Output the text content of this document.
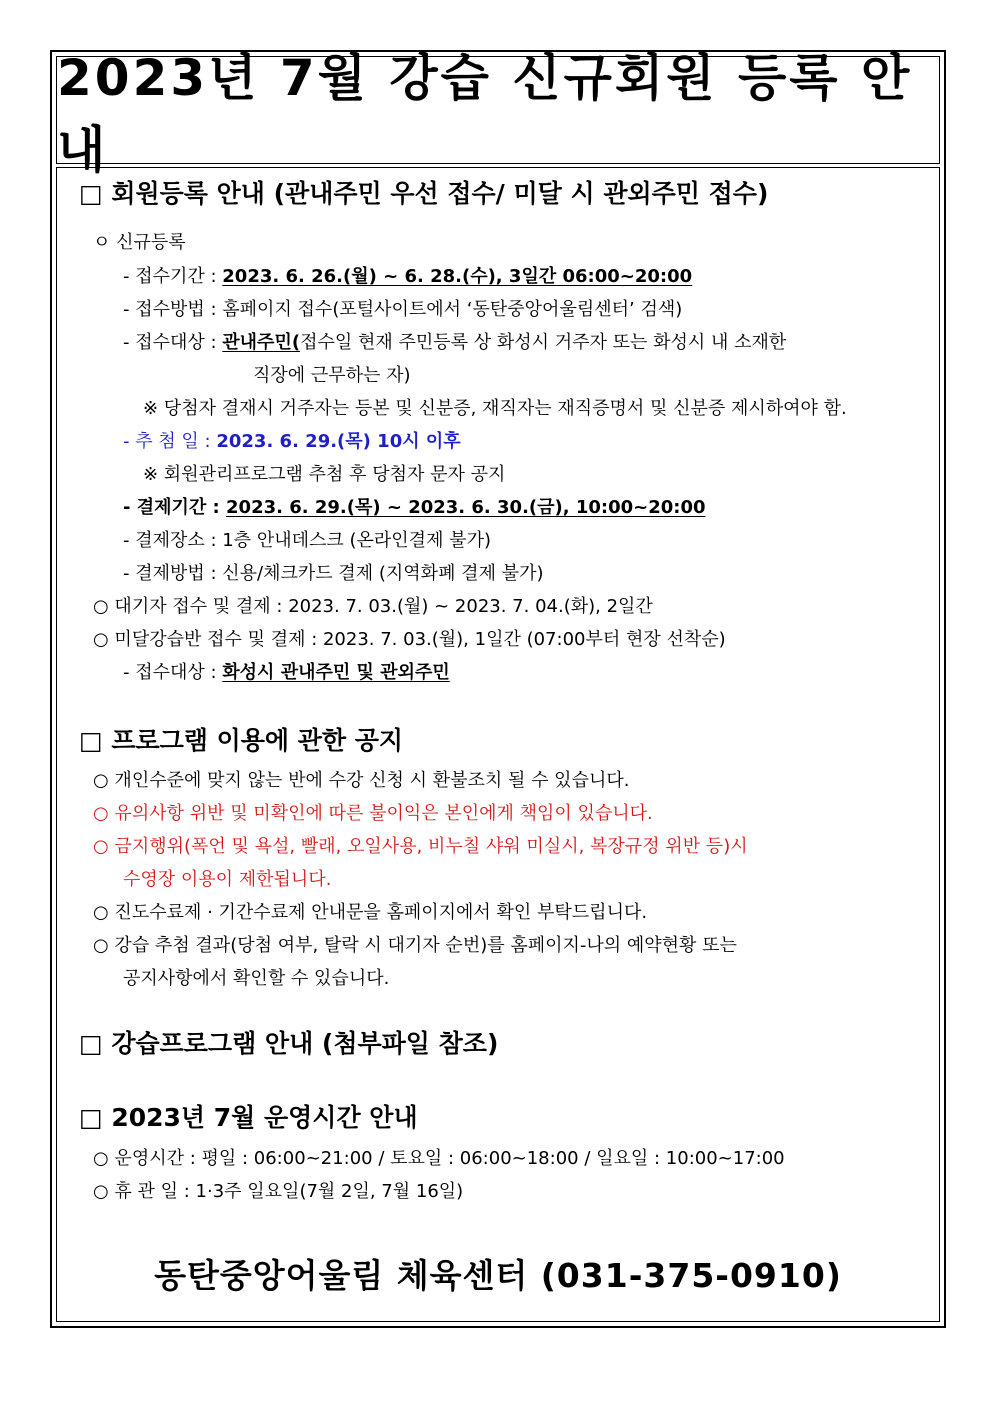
2023년 7월 강습 신규회원 등록 안내
□ 회원등록 안내 (관내주민 우선 접수/ 미달 시 관외주민 접수)
ㅇ 신규등록
- 접수기간 : 2023. 6. 26.(월) ~ 6. 28.(수), 3일간 06:00~20:00
- 접수방법 : 홈페이지 접수(포털사이트에서 ‘동탄중앙어울림센터’ 검색)
- 접수대상 : 관내주민(접수일 현재 주민등록 상 화성시 거주자 또는 화성시 내 소재한
직장에 근무하는 자)
※ 당첨자 결재시 거주자는 등본 및 신분증, 재직자는 재직증명서 및 신분증 제시하여야 함.
- 추 첨 일 : 2023. 6. 29.(목) 10시 이후
※ 회원관리프로그램 추첨 후 당첨자 문자 공지
- 결제기간 : 2023. 6. 29.(목) ~ 2023. 6. 30.(금), 10:00~20:00
- 결제장소 : 1층 안내데스크 (온라인결제 불가)
- 결제방법 : 신용/체크카드 결제 (지역화폐 결제 불가)
○ 대기자 접수 및 결제 : 2023. 7. 03.(월) ~ 2023. 7. 04.(화), 2일간
○ 미달강습반 접수 및 결제 : 2023. 7. 03.(월), 1일간 (07:00부터 현장 선착순)
- 접수대상 : 화성시 관내주민 및 관외주민
□ 프로그램 이용에 관한 공지
○ 개인수준에 맞지 않는 반에 수강 신청 시 환불조치 될 수 있습니다.
○ 유의사항 위반 및 미확인에 따른 불이익은 본인에게 책임이 있습니다.
○ 금지행위(폭언 및 욕설, 빨래, 오일사용, 비누칠 샤워 미실시, 복장규정 위반 등)시
수영장 이용이 제한됩니다.
○ 진도수료제 · 기간수료제 안내문을 홈페이지에서 확인 부탁드립니다.
○ 강습 추첨 결과(당첨 여부, 탈락 시 대기자 순번)를 홈페이지-나의 예약현황 또는
공지사항에서 확인할 수 있습니다.
□ 강습프로그램 안내 (첨부파일 참조)
□ 2023년 7월 운영시간 안내
○ 운영시간 : 평일 : 06:00~21:00 / 토요일 : 06:00~18:00 / 일요일 : 10:00~17:00
○ 휴 관 일 : 1·3주 일요일(7월 2일, 7월 16일)
동탄중앙어울림 체육센터 (031-375-0910)
